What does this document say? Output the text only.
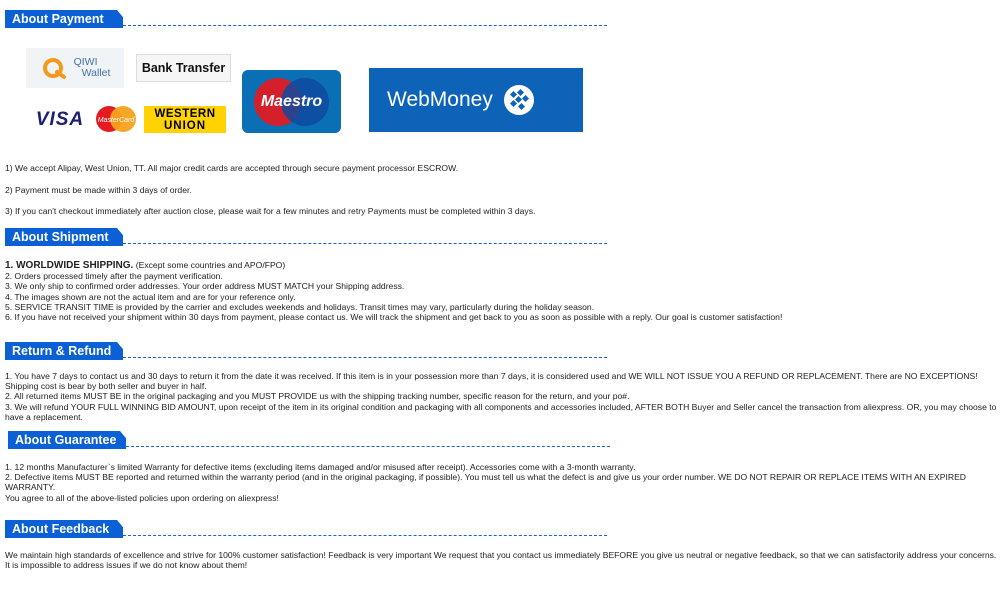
About Payment
QIWI
Wallet	Bank Transfer
VISA MasterCard
WESTERN
UNION
Maestro	WebMoney
1) We accept Alipay, West Union, TT. All major credit cards are accepted through secure payment processor ESCROW.
2) Payment must be made within 3 days of order.
3) If you can't checkout immediately after auction close, please wait for a few minutes and retry Payments must be completed within 3 days.
About Shipment
1. WORLDWIDE SHIPPING. (Except some countries and APO/FPO)
2. Orders processed timely after the payment verification.
3. We only ship to confirmed order addresses. Your order address MUST MATCH your Shipping address.
4. The images shown are not the actual item and are for your reference only.
5. SERVICE TRANSIT TIME is provided by the carrier and excludes weekends and holidays. Transit times may vary, particularly during the holiday season.
6. If you have not received your shipment within 30 days from payment, please contact us. We will track the shipment and get back to you as soon as possible with a reply. Our goal is customer satisfaction!
Return & Refund
1. You have 7 days to contact us and 30 days to return it from the date it was received. If this item is in your possession more than 7 days, it is considered used and WE WILL NOT ISSUE YOU A REFUND OR REPLACEMENT. There are NO EXCEPTIONS! Shipping cost is bear by both seller and buyer in half.
2. All returned items MUST BE in the original packaging and you MUST PROVIDE us with the shipping tracking number, specific reason for the return, and your po#.
3. We will refund YOUR FULL WINNING BID AMOUNT, upon receipt of the item in its original condition and packaging with all components and accessories included, AFTER BOTH Buyer and Seller cancel the transaction from aliexpress. OR, you may choose to have a replacement.
About Guarantee
1. 12 months Manufacturer`s limited Warranty for defective items (excluding items damaged and/or misused after receipt). Accessories come with a 3-month warranty.
2. Defective items MUST BE reported and returned within the warranty period (and in the original packaging, if possible). You must tell us what the defect is and give us your order number. WE DO NOT REPAIR OR REPLACE ITEMS WITH AN EXPIRED WARRANTY.
You agree to all of the above-listed policies upon ordering on aliexpress!
About Feedback
We maintain high standards of excellence and strive for 100% customer satisfaction! Feedback is very important We request that you contact us immediately BEFORE you give us neutral or negative feedback, so that we can satisfactorily address your concerns.
It is impossible to address issues if we do not know about them!
